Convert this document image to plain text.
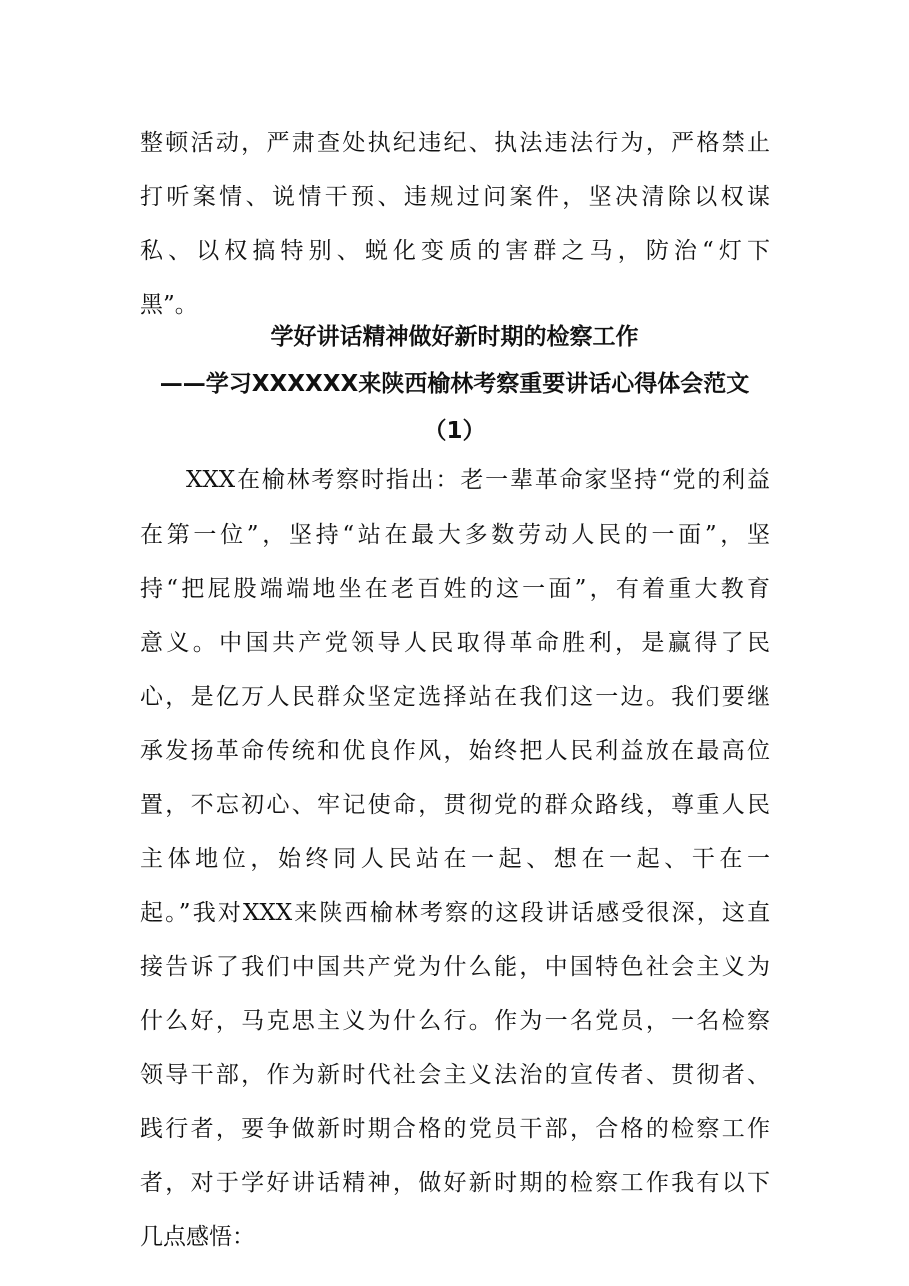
整顿活动，严肃查处执纪违纪、执法违法行为，严格禁止
打听案情、说情干预、违规过问案件，坚决清除以权谋
私、以权搞特别、蜕化变质的害群之马，防治“灯下
黑”。
学好讲话精神做好新时期的检察工作
——学习XXXXXX来陕西榆林考察重要讲话心得体会范文
（1）
XXX在榆林考察时指出：老一辈革命家坚持“党的利益
在第一位”，坚持“站在最大多数劳动人民的一面”，坚
持“把屁股端端地坐在老百姓的这一面”，有着重大教育
意义。中国共产党领导人民取得革命胜利，是赢得了民
心，是亿万人民群众坚定选择站在我们这一边。我们要继
承发扬革命传统和优良作风，始终把人民利益放在最高位
置，不忘初心、牢记使命，贯彻党的群众路线，尊重人民
主体地位，始终同人民站在一起、想在一起、干在一
起。”我对XXX来陕西榆林考察的这段讲话感受很深，这直
接告诉了我们中国共产党为什么能，中国特色社会主义为
什么好，马克思主义为什么行。作为一名党员，一名检察
领导干部，作为新时代社会主义法治的宣传者、贯彻者、
践行者，要争做新时期合格的党员干部，合格的检察工作
者，对于学好讲话精神，做好新时期的检察工作我有以下
几点感悟：
